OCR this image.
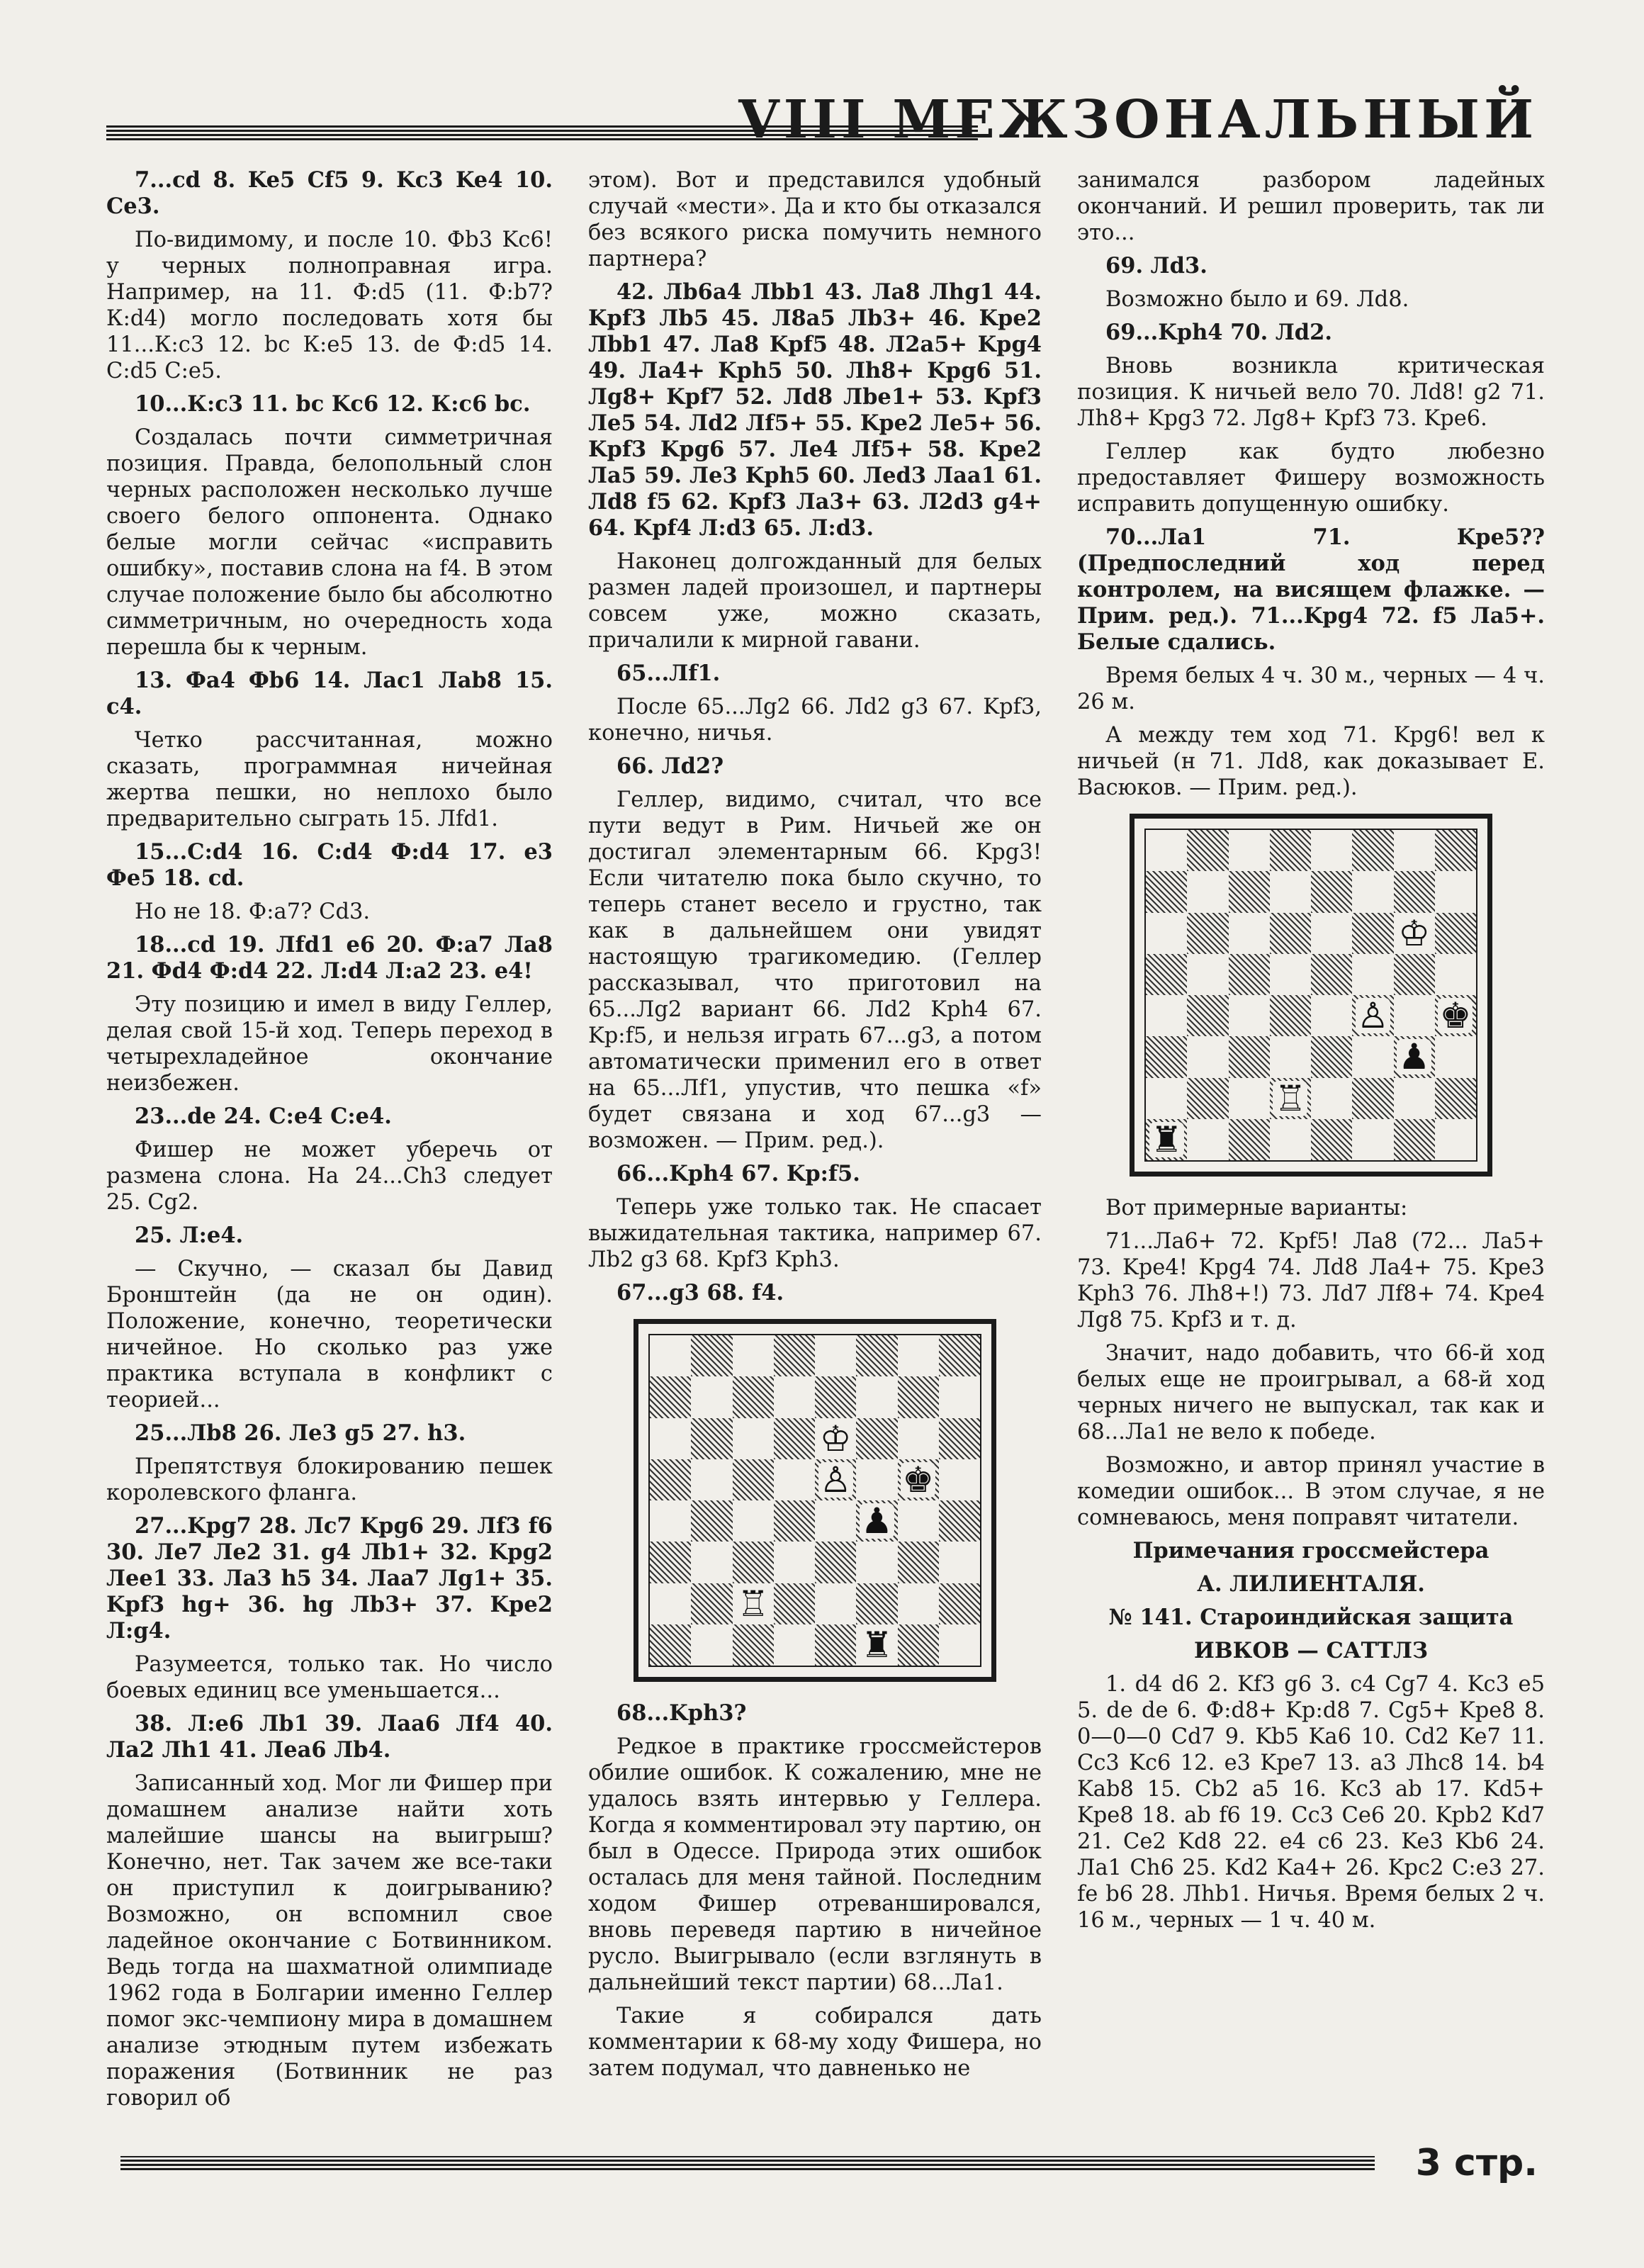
VIII МЕЖЗОНАЛЬНЫЙ

7...cd 8. Ke5 Cf5 9. Kc3 Ke4 10. Ce3.

По-видимому, и после 10. Фb3 Kc6! у черных полноправная игра. Например, на 11. Ф:d5 (11. Ф:b7? К:d4) могло последовать хотя бы 11...К:c3 12. bc К:e5 13. de Ф:d5 14. С:d5 С:e5.

10...К:c3 11. bc Kc6 12. К:c6 bc.

Создалась почти симметричная позиция. Правда, белопольный слон черных расположен несколько лучше своего белого оппонента. Однако белые могли сейчас «исправить ошибку», поставив слона на f4. В этом случае положение было бы абсолютно симметричным, но очередность хода перешла бы к черным.

13. Фa4 Фb6 14. Лac1 Лab8 15. c4.

Четко рассчитанная, можно сказать, программная ничейная жертва пешки, но неплохо было предварительно сыграть 15. Лfd1.

15...С:d4 16. С:d4 Ф:d4 17. e3 Фe5 18. cd.

Но не 18. Ф:a7? Cd3.

18...cd 19. Лfd1 e6 20. Ф:a7 Лa8 21. Фd4 Ф:d4 22. Л:d4 Л:a2 23. e4!

Эту позицию и имел в виду Геллер, делая свой 15-й ход. Теперь переход в четырехладейное окончание неизбежен.

23...de 24. С:e4 С:e4.

Фишер не может уберечь от размена слона. На 24...Ch3 следует 25. Cg2.

25. Л:e4.

— Скучно, — сказал бы Давид Бронштейн (да не он один). Положение, конечно, теоретически ничейное. Но сколько раз уже практика вступала в конфликт с теорией...

25...Лb8 26. Лe3 g5 27. h3.

Препятствуя блокированию пешек королевского фланга.

27...Kpg7 28. Лc7 Kpg6 29. Лf3 f6 30. Лe7 Лe2 31. g4 Лb1+ 32. Kpg2 Лee1 33. Лa3 h5 34. Лaa7 Лg1+ 35. Kpf3 hg+ 36. hg Лb3+ 37. Kpe2 Л:g4.

Разумеется, только так. Но число боевых единиц все уменьшается...

38. Л:e6 Лb1 39. Лaa6 Лf4 40. Лa2 Лh1 41. Лea6 Лb4.

Записанный ход. Мог ли Фишер при домашнем анализе найти хоть малейшие шансы на выигрыш? Конечно, нет. Так зачем же все-таки он приступил к доигрыванию? Возможно, он вспомнил свое ладейное окончание с Ботвинником. Ведь тогда на шахматной олимпиаде 1962 года в Болгарии именно Геллер помог экс-чемпиону мира в домашнем анализе этюдным путем избежать поражения (Ботвинник не раз говорил об

этом). Вот и представился удобный случай «мести». Да и кто бы отказался без всякого риска помучить немного партнера?

42. Лb6a4 Лbb1 43. Лa8 Лhg1 44. Kpf3 Лb5 45. Л8a5 Лb3+ 46. Kpe2 Лbb1 47. Лa8 Kpf5 48. Л2a5+ Kpg4 49. Лa4+ Kph5 50. Лh8+ Kpg6 51. Лg8+ Kpf7 52. Лd8 Лbe1+ 53. Kpf3 Лe5 54. Лd2 Лf5+ 55. Kpe2 Лe5+ 56. Kpf3 Kpg6 57. Лe4 Лf5+ 58. Kpe2 Лa5 59. Лe3 Kph5 60. Лed3 Лaa1 61. Лd8 f5 62. Kpf3 Лa3+ 63. Л2d3 g4+ 64. Kpf4 Л:d3 65. Л:d3.

Наконец долгожданный для белых размен ладей произошел, и партнеры совсем уже, можно сказать, причалили к мирной гавани.

65...Лf1.

После 65...Лg2 66. Лd2 g3 67. Kpf3, конечно, ничья.

66. Лd2?

Геллер, видимо, считал, что все пути ведут в Рим. Ничьей же он достигал элементарным 66. Kpg3! Если читателю пока было скучно, то теперь станет весело и грустно, так как в дальнейшем они увидят настоящую трагикомедию. (Геллер рассказывал, что приготовил на 65...Лg2 вариант 66. Лd2 Kph4 67. Kp:f5, и нельзя играть 67...g3, а потом автоматически применил его в ответ на 65...Лf1, упустив, что пешка «f» будет связана и ход 67...g3 — возможен. — Прим. ред.).

66...Kph4 67. Kp:f5.

Теперь уже только так. Не спасает выжидательная тактика, например 67. Лb2 g3 68. Kpf3 Kph3.

67...g3 68. f4.

♔
♙ ♚
♟
♖
♜

68...Kph3?

Редкое в практике гроссмейстеров обилие ошибок. К сожалению, мне не удалось взять интервью у Геллера. Когда я комментировал эту партию, он был в Одессе. Природа этих ошибок осталась для меня тайной. Последним ходом Фишер отреваншировался, вновь переведя партию в ничейное русло. Выигрывало (если взглянуть в дальнейший текст партии) 68...Лa1.

Такие я собирался дать комментарии к 68-му ходу Фишера, но затем подумал, что давненько не

занимался разбором ладейных окончаний. И решил проверить, так ли это...

69. Лd3.

Возможно было и 69. Лd8.

69...Kph4 70. Лd2.

Вновь возникла критическая позиция. К ничьей вело 70. Лd8! g2 71. Лh8+ Kpg3 72. Лg8+ Kpf3 73. Kpe6.

Геллер как будто любезно предоставляет Фишеру возможность исправить допущенную ошибку.

70...Лa1 71. Kpe5?? (Предпоследний ход перед контролем, на висящем флажке. — Прим. ред.). 71...Kpg4 72. f5 Лa5+. Белые сдались.

Время белых 4 ч. 30 м., черных — 4 ч. 26 м.

А между тем ход 71. Kpg6! вел к ничьей (н 71. Лd8, как доказывает Е. Васюков. — Прим. ред.).

♔
♙ ♚
♟
♖
♜

Вот примерные варианты:

71...Лa6+ 72. Kpf5! Лa8 (72... Лa5+ 73. Kpe4! Kpg4 74. Лd8 Лa4+ 75. Kpe3 Kph3 76. Лh8+!) 73. Лd7 Лf8+ 74. Kpe4 Лg8 75. Kpf3 и т. д.

Значит, надо добавить, что 66-й ход белых еще не проигрывал, а 68-й ход черных ничего не выпускал, так как и 68...Лa1 не вело к победе.

Возможно, и автор принял участие в комедии ошибок... В этом случае, я не сомневаюсь, меня поправят читатели.

Примечания гроссмейстера

А. ЛИЛИЕНТАЛЯ.

№ 141. Староиндийская защита

ИВКОВ — САТТЛЗ

1. d4 d6 2. Kf3 g6 3. c4 Cg7 4. Kc3 e5 5. de de 6. Ф:d8+ Kp:d8 7. Cg5+ Kpe8 8. 0—0—0 Cd7 9. Kb5 Ka6 10. Cd2 Ke7 11. Cc3 Kc6 12. e3 Kpe7 13. a3 Лhc8 14. b4 Kab8 15. Cb2 a5 16. Kc3 ab 17. Kd5+ Kpe8 18. ab f6 19. Cc3 Ce6 20. Kpb2 Kd7 21. Ce2 Kd8 22. e4 c6 23. Ke3 Kb6 24. Лa1 Ch6 25. Kd2 Ka4+ 26. Kpc2 С:e3 27. fe b6 28. Лhb1. Ничья. Время белых 2 ч. 16 м., черных — 1 ч. 40 м.

3 стр.
